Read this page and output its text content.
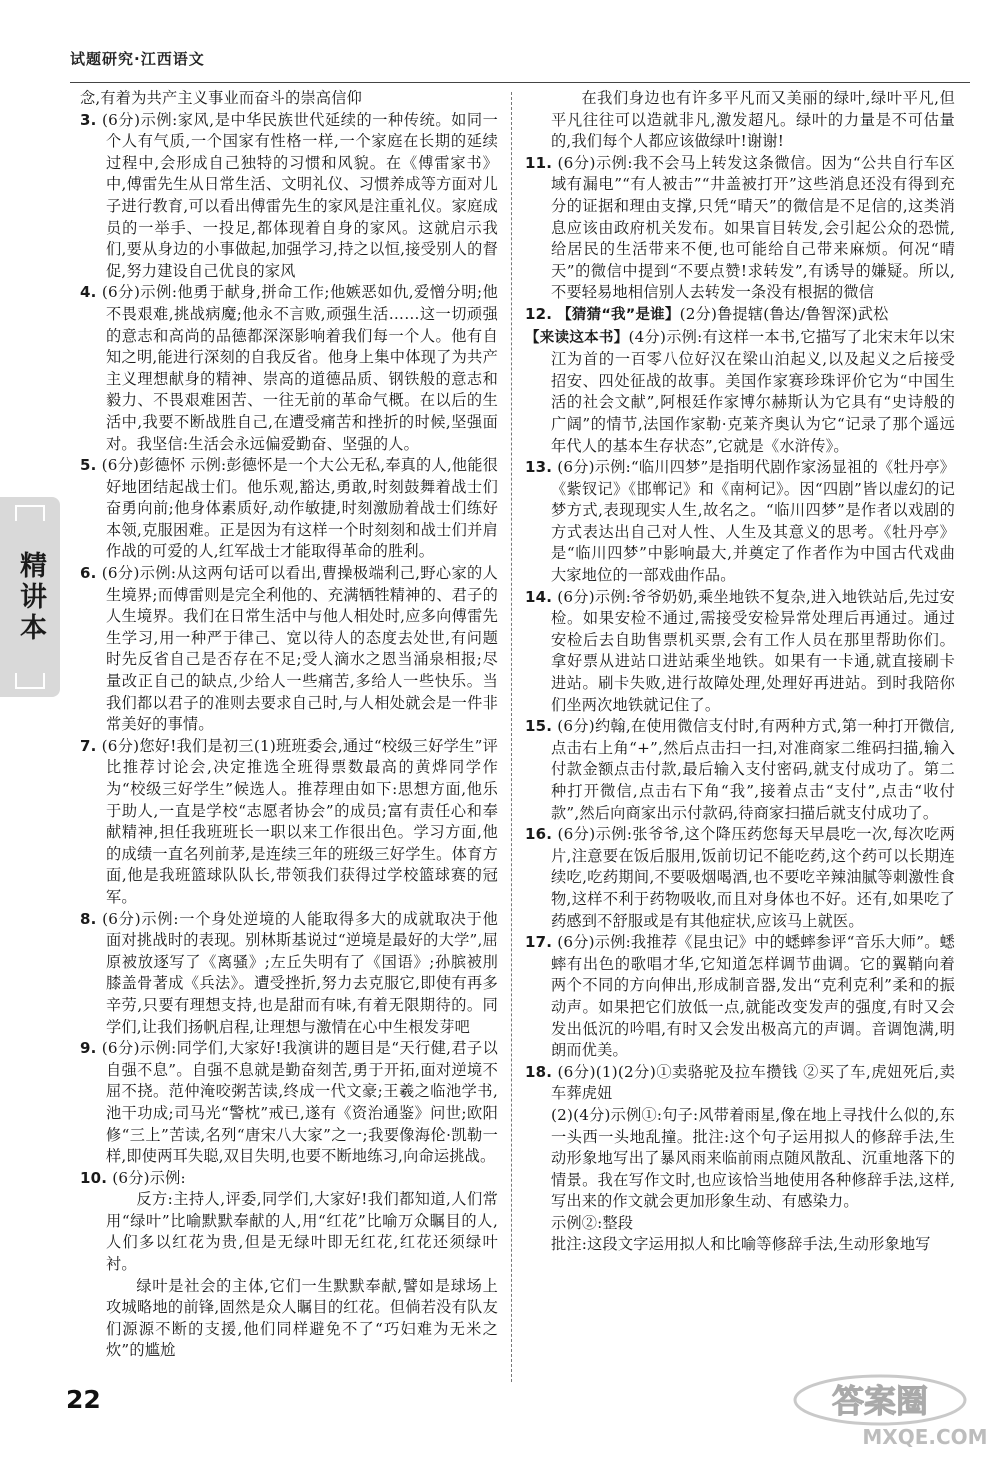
试题研究·江西语文
精讲本

念,有着为共产主义事业而奋斗的崇高信仰

3. (6分)示例:家风,是中华民族世代延续的一种传统。如同一个人有气质,一个国家有性格一样,一个家庭在长期的延续过程中,会形成自己独特的习惯和风貌。在《傅雷家书》中,傅雷先生从日常生活、文明礼仪、习惯养成等方面对儿子进行教育,可以看出傅雷先生的家风是注重礼仪。家庭成员的一举手、一投足,都体现着自身的家风。这就启示我们,要从身边的小事做起,加强学习,持之以恒,接受别人的督促,努力建设自己优良的家风
4. (6分)示例:他勇于献身,拼命工作;他嫉恶如仇,爱憎分明;他不畏艰难,挑战病魔;他永不言败,顽强生活……这一切顽强的意志和高尚的品德都深深影响着我们每一个人。他有自知之明,能进行深刻的自我反省。他身上集中体现了为共产主义理想献身的精神、崇高的道德品质、钢铁般的意志和毅力、不畏艰难困苦、一往无前的革命气概。在以后的生活中,我要不断战胜自己,在遭受痛苦和挫折的时候,坚强面对。我坚信:生活会永远偏爱勤奋、坚强的人。
5. (6分)彭德怀 示例:彭德怀是一个大公无私,奉真的人,他能很好地团结起战士们。他乐观,豁达,勇敢,时刻鼓舞着战士们奋勇向前;他身体素质好,动作敏捷,时刻激励着战士们练好本领,克服困难。正是因为有这样一个时刻刻和战士们并肩作战的可爱的人,红军战士才能取得革命的胜利。
6. (6分)示例:从这两句话可以看出,曹操极端利己,野心家的人生境界;而傅雷则是完全利他的、充满牺牲精神的、君子的人生境界。我们在日常生活中与他人相处时,应多向傅雷先生学习,用一种严于律己、宽以待人的态度去处世,有问题时先反省自己是否存在不足;受人滴水之恩当涌泉相报;尽量改正自己的缺点,少给人一些痛苦,多给人一些快乐。当我们都以君子的准则去要求自己时,与人相处就会是一件非常美好的事情。
7. (6分)您好!我们是初三(1)班班委会,通过“校级三好学生”评比推荐讨论会,决定推选全班得票数最高的黄烨同学作为“校级三好学生”候选人。推荐理由如下:思想方面,他乐于助人,一直是学校“志愿者协会”的成员;富有责任心和奉献精神,担任我班班长一职以来工作很出色。学习方面,他的成绩一直名列前茅,是连续三年的班级三好学生。体育方面,他是我班篮球队队长,带领我们获得过学校篮球赛的冠军。
8. (6分)示例:一个身处逆境的人能取得多大的成就取决于他面对挑战时的表现。别林斯基说过“逆境是最好的大学”,屈原被放逐写了《离骚》;左丘失明有了《国语》;孙膑被刖膝盖骨著成《兵法》。遭受挫折,努力去克服它,即使有再多辛劳,只要有理想支持,也是甜而有味,有着无限期待的。同学们,让我们扬帆启程,让理想与激情在心中生根发芽吧
9. (6分)示例:同学们,大家好!我演讲的题目是“天行健,君子以自强不息”。自强不息就是勤奋刻苦,勇于开拓,面对逆境不屈不挠。范仲淹咬粥苦读,终成一代文豪;王羲之临池学书,池干功成;司马光“警枕”戒已,遂有《资治通鉴》问世;欧阳修“三上”苦读,名列“唐宋八大家”之一;我要像海伦·凯勒一样,即使两耳失聪,双目失明,也要不断地练习,向命运挑战。
10. (6分)示例:

反方:主持人,评委,同学们,大家好!我们都知道,人们常用“绿叶”比喻默默奉献的人,用“红花”比喻万众瞩目的人,人们多以红花为贵,但是无绿叶即无红花,红花还须绿叶衬。

绿叶是社会的主体,它们一生默默奉献,譬如是球场上攻城略地的前锋,固然是众人瞩目的红花。但倘若没有队友们源源不断的支援,他们同样避免不了“巧妇难为无米之炊”的尴尬

在我们身边也有许多平凡而又美丽的绿叶,绿叶平凡,但平凡往往可以造就非凡,激发超凡。绿叶的力量是不可估量的,我们每个人都应该做绿叶!谢谢!

11. (6分)示例:我不会马上转发这条微信。因为“公共自行车区域有漏电”“有人被击”“井盖被打开”这些消息还没有得到充分的证据和理由支撑,只凭“晴天”的微信是不足信的,这类消息应该由政府机关发布。如果盲目转发,会引起公众的恐慌,给居民的生活带来不便,也可能给自己带来麻烦。何况“晴天”的微信中提到“不要点赞!求转发”,有诱导的嫌疑。所以,不要轻易地相信别人去转发一条没有根据的微信
12. 【猜猜“我”是谁】(2分)鲁提辖(鲁达/鲁智深)武松
【来读这本书】(4分)示例:有这样一本书,它描写了北宋末年以宋江为首的一百零八位好汉在梁山泊起义,以及起义之后接受招安、四处征战的故事。美国作家赛珍珠评价它为“中国生活的社会文献”,阿根廷作家博尔赫斯认为它具有“史诗般的广阔”的情节,法国作家勒·克莱齐奥认为它“记录了那个遥远年代人的基本生存状态”,它就是《水浒传》。
13. (6分)示例:“临川四梦”是指明代剧作家汤显祖的《牡丹亭》《紫钗记》《邯郸记》和《南柯记》。因“四剧”皆以虚幻的记梦方式,表现现实人生,故名之。“临川四梦”是作者以戏剧的方式表达出自己对人性、人生及其意义的思考。《牡丹亭》是“临川四梦”中影响最大,并奠定了作者作为中国古代戏曲大家地位的一部戏曲作品。
14. (6分)示例:爷爷奶奶,乘坐地铁不复杂,进入地铁站后,先过安检。如果安检不通过,需接受安检异常处理后再通过。通过安检后去自助售票机买票,会有工作人员在那里帮助你们。拿好票从进站口进站乘坐地铁。如果有一卡通,就直接刷卡进站。刷卡失败,进行故障处理,处理好再进站。到时我陪你们坐两次地铁就记住了。
15. (6分)约翰,在使用微信支付时,有两种方式,第一种打开微信,点击右上角“+”,然后点击扫一扫,对准商家二维码扫描,输入付款金额点击付款,最后输入支付密码,就支付成功了。第二种打开微信,点击右下角“我”,接着点击“支付”,点击“收付款”,然后向商家出示付款码,待商家扫描后就支付成功了。
16. (6分)示例:张爷爷,这个降压药您每天早晨吃一次,每次吃两片,注意要在饭后服用,饭前切记不能吃药,这个药可以长期连续吃,吃药期间,不要吸烟喝酒,也不要吃辛辣油腻等刺激性食物,这样不利于药物吸收,而且对身体也不好。还有,如果吃了药感到不舒服或是有其他症状,应该马上就医。
17. (6分)示例:我推荐《昆虫记》中的蟋蟀参评“音乐大师”。蟋蟀有出色的歌唱才华,它知道怎样调节曲调。它的翼鞘向着两个不同的方向伸出,形成制音器,发出“克利克利”柔和的振动声。如果把它们放低一点,就能改变发声的强度,有时又会发出低沉的吟唱,有时又会发出极高亢的声调。音调饱满,明朗而优美。
18. (6分)(1)(2分)①卖骆驼及拉车攒钱 ②买了车,虎妞死后,卖车葬虎妞

(2)(4分)示例①:句子:风带着雨星,像在地上寻找什么似的,东一头西一头地乱撞。批注:这个句子运用拟人的修辞手法,生动形象地写出了暴风雨来临前雨点随风散乱、沉重地落下的情景。我在写作文时,也应该恰当地使用各种修辞手法,这样,写出来的作文就会更加形象生动、有感染力。

示例②:整段

批注:这段文字运用拟人和比喻等修辞手法,生动形象地写

22	答案圈
MXQE.COM
